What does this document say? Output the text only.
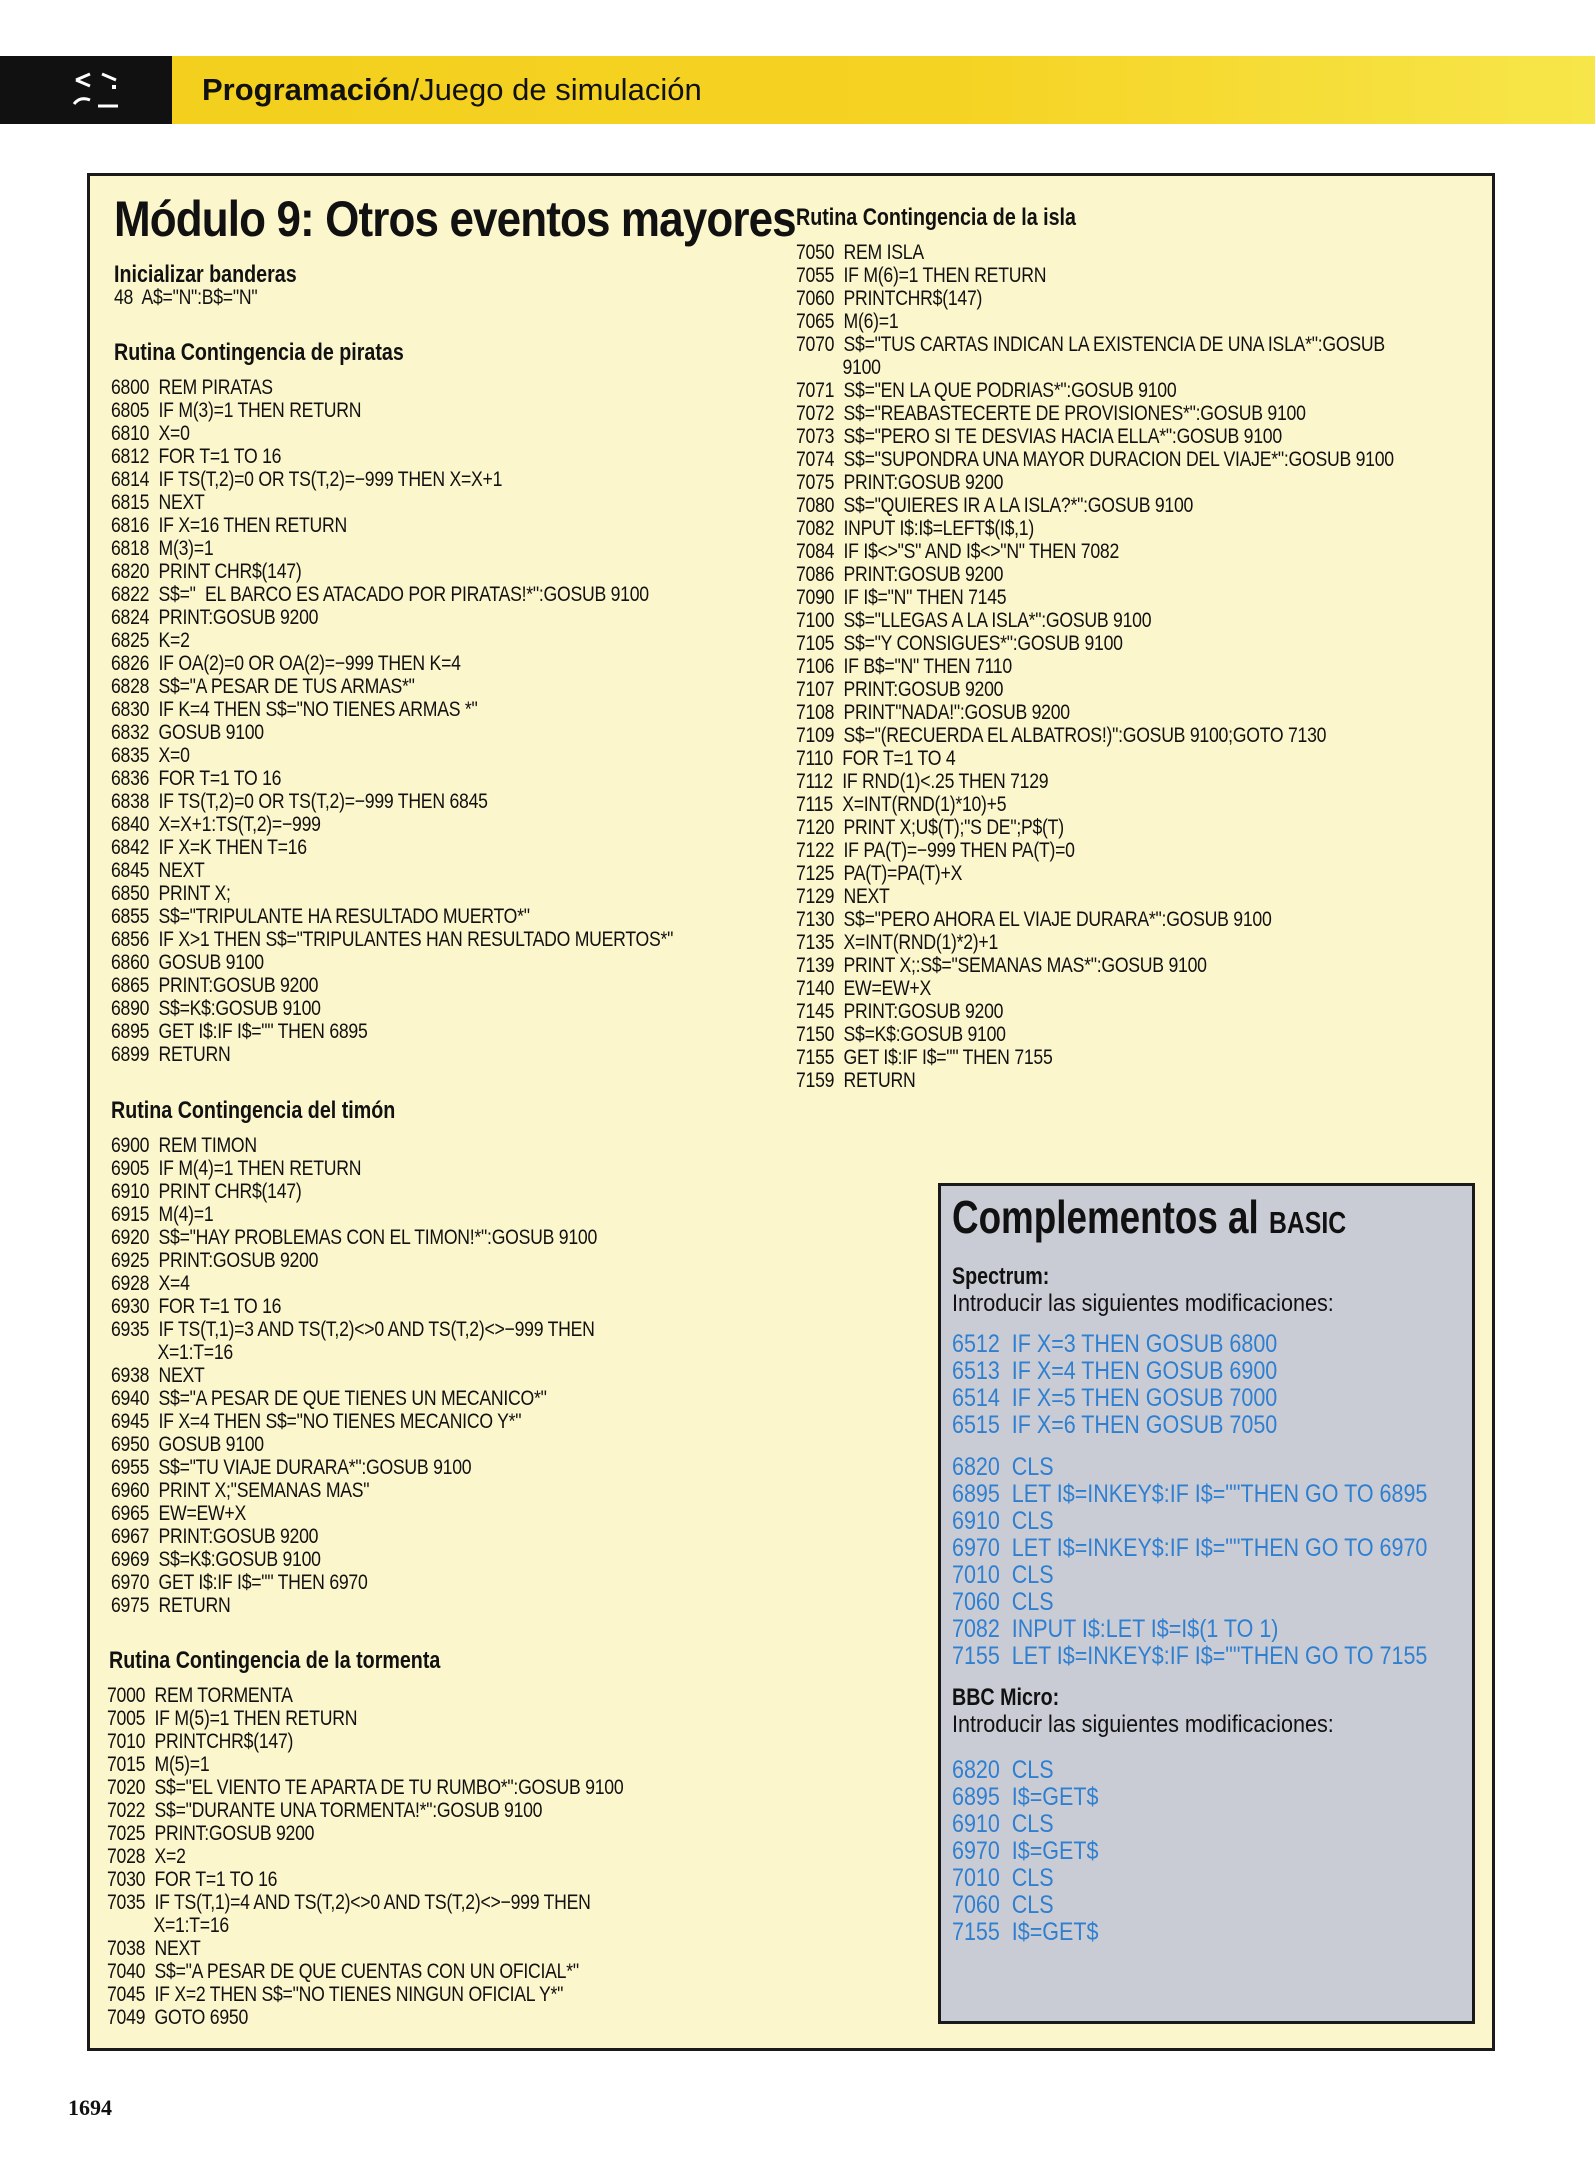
Programación/Juego de simulación
Módulo 9: Otros eventos mayores
Inicializar banderas
48  A$="N":B$="N"
Rutina Contingencia de piratas
6800  REM PIRATAS
6805  IF M(3)=1 THEN RETURN
6810  X=0
6812  FOR T=1 TO 16
6814  IF TS(T,2)=0 OR TS(T,2)=−999 THEN X=X+1
6815  NEXT
6816  IF X=16 THEN RETURN
6818  M(3)=1
6820  PRINT CHR$(147)
6822  S$="  EL BARCO ES ATACADO POR PIRATAS!*":GOSUB 9100
6824  PRINT:GOSUB 9200
6825  K=2
6826  IF OA(2)=0 OR OA(2)=−999 THEN K=4
6828  S$="A PESAR DE TUS ARMAS*"
6830  IF K=4 THEN S$="NO TIENES ARMAS *"
6832  GOSUB 9100
6835  X=0
6836  FOR T=1 TO 16
6838  IF TS(T,2)=0 OR TS(T,2)=−999 THEN 6845
6840  X=X+1:TS(T,2)=−999
6842  IF X=K THEN T=16
6845  NEXT
6850  PRINT X;
6855  S$="TRIPULANTE HA RESULTADO MUERTO*"
6856  IF X>1 THEN S$="TRIPULANTES HAN RESULTADO MUERTOS*"
6860  GOSUB 9100
6865  PRINT:GOSUB 9200
6890  S$=K$:GOSUB 9100
6895  GET I$:IF I$="" THEN 6895
6899  RETURN
Rutina Contingencia del timón
6900  REM TIMON
6905  IF M(4)=1 THEN RETURN
6910  PRINT CHR$(147)
6915  M(4)=1
6920  S$="HAY PROBLEMAS CON EL TIMON!*":GOSUB 9100
6925  PRINT:GOSUB 9200
6928  X=4
6930  FOR T=1 TO 16
6935  IF TS(T,1)=3 AND TS(T,2)<>0 AND TS(T,2)<>−999 THEN
X=1:T=16
6938  NEXT
6940  S$="A PESAR DE QUE TIENES UN MECANICO*"
6945  IF X=4 THEN S$="NO TIENES MECANICO Y*"
6950  GOSUB 9100
6955  S$="TU VIAJE DURARA*":GOSUB 9100
6960  PRINT X;"SEMANAS MAS"
6965  EW=EW+X
6967  PRINT:GOSUB 9200
6969  S$=K$:GOSUB 9100
6970  GET I$:IF I$="" THEN 6970
6975  RETURN
Rutina Contingencia de la tormenta
7000  REM TORMENTA
7005  IF M(5)=1 THEN RETURN
7010  PRINTCHR$(147)
7015  M(5)=1
7020  S$="EL VIENTO TE APARTA DE TU RUMBO*":GOSUB 9100
7022  S$="DURANTE UNA TORMENTA!*":GOSUB 9100
7025  PRINT:GOSUB 9200
7028  X=2
7030  FOR T=1 TO 16
7035  IF TS(T,1)=4 AND TS(T,2)<>0 AND TS(T,2)<>−999 THEN
X=1:T=16
7038  NEXT
7040  S$="A PESAR DE QUE CUENTAS CON UN OFICIAL*"
7045  IF X=2 THEN S$="NO TIENES NINGUN OFICIAL Y*"
7049  GOTO 6950
Rutina Contingencia de la isla
7050  REM ISLA
7055  IF M(6)=1 THEN RETURN
7060  PRINTCHR$(147)
7065  M(6)=1
7070  S$="TUS CARTAS INDICAN LA EXISTENCIA DE UNA ISLA*":GOSUB
9100
7071  S$="EN LA QUE PODRIAS*":GOSUB 9100
7072  S$="REABASTECERTE DE PROVISIONES*":GOSUB 9100
7073  S$="PERO SI TE DESVIAS HACIA ELLA*":GOSUB 9100
7074  S$="SUPONDRA UNA MAYOR DURACION DEL VIAJE*":GOSUB 9100
7075  PRINT:GOSUB 9200
7080  S$="QUIERES IR A LA ISLA?*":GOSUB 9100
7082  INPUT I$:I$=LEFT$(I$,1)
7084  IF I$<>"S" AND I$<>"N" THEN 7082
7086  PRINT:GOSUB 9200
7090  IF I$="N" THEN 7145
7100  S$="LLEGAS A LA ISLA*":GOSUB 9100
7105  S$="Y CONSIGUES*":GOSUB 9100
7106  IF B$="N" THEN 7110
7107  PRINT:GOSUB 9200
7108  PRINT"NADA!":GOSUB 9200
7109  S$="(RECUERDA EL ALBATROS!)":GOSUB 9100;GOTO 7130
7110  FOR T=1 TO 4
7112  IF RND(1)<.25 THEN 7129
7115  X=INT(RND(1)*10)+5
7120  PRINT X;U$(T);"S DE";P$(T)
7122  IF PA(T)=−999 THEN PA(T)=0
7125  PA(T)=PA(T)+X
7129  NEXT
7130  S$="PERO AHORA EL VIAJE DURARA*":GOSUB 9100
7135  X=INT(RND(1)*2)+1
7139  PRINT X;:S$="SEMANAS MAS*":GOSUB 9100
7140  EW=EW+X
7145  PRINT:GOSUB 9200
7150  S$=K$:GOSUB 9100
7155  GET I$:IF I$="" THEN 7155
7159  RETURN
Complementos al BASIC
Spectrum:
Introducir las siguientes modificaciones:
6512  IF X=3 THEN GOSUB 6800
6513  IF X=4 THEN GOSUB 6900
6514  IF X=5 THEN GOSUB 7000
6515  IF X=6 THEN GOSUB 7050
6820  CLS
6895  LET I$=INKEY$:IF I$=""THEN GO TO 6895
6910  CLS
6970  LET I$=INKEY$:IF I$=""THEN GO TO 6970
7010  CLS
7060  CLS
7082  INPUT I$:LET I$=I$(1 TO 1)
7155  LET I$=INKEY$:IF I$=""THEN GO TO 7155
BBC Micro:
Introducir las siguientes modificaciones:
6820  CLS
6895  I$=GET$
6910  CLS
6970  I$=GET$
7010  CLS
7060  CLS
7155  I$=GET$
1694
